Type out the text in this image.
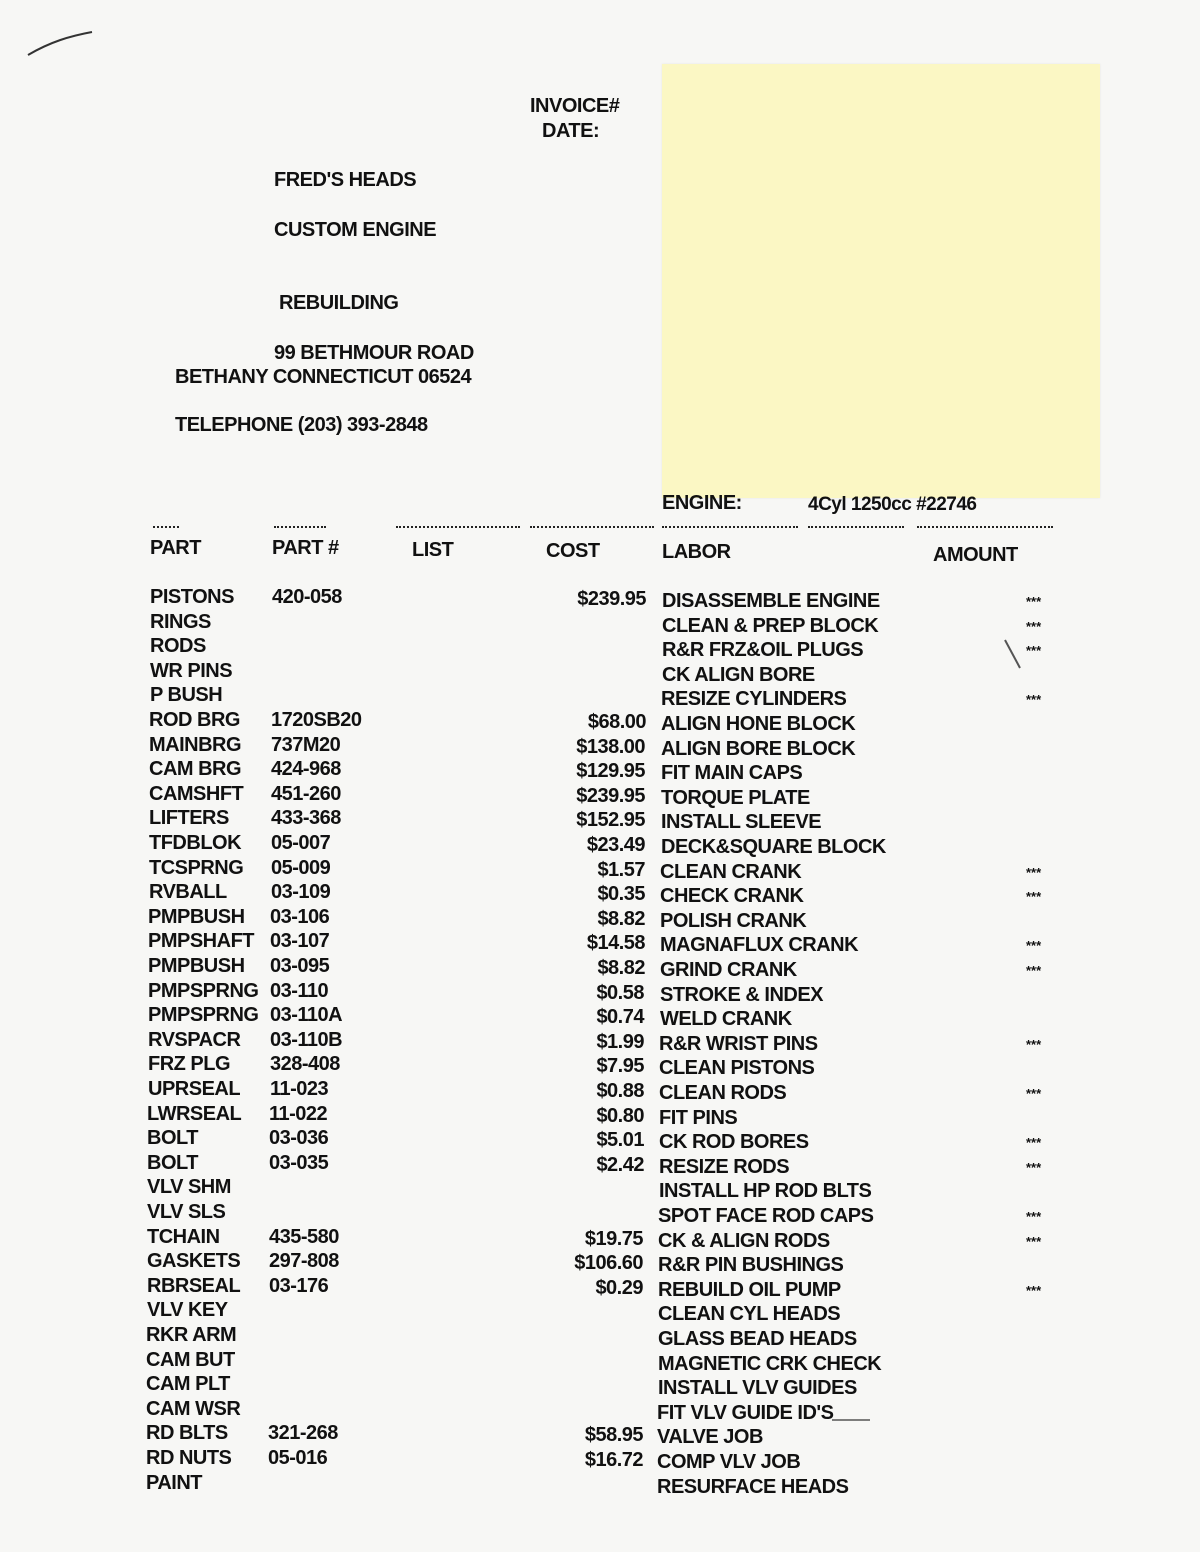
INVOICE#
DATE:
FRED'S HEADS
CUSTOM ENGINE
REBUILDING
99 BETHMOUR ROAD
BETHANY CONNECTICUT 06524
TELEPHONE (203) 393-2848
ENGINE:	4Cyl 1250cc #22746
PART	PART #	LIST	COST	LABOR	AMOUNT
PISTONS	420-058	$239.95
RINGS
RODS
WR PINS
P BUSH
ROD BRG	1720SB20	$68.00
MAINBRG	737M20	$138.00
CAM BRG	424-968	$129.95
CAMSHFT	451-260	$239.95
LIFTERS	433-368	$152.95
TFDBLOK	05-007	$23.49
TCSPRNG	05-009	$1.57
RVBALL	03-109	$0.35
PMPBUSH	03-106	$8.82
PMPSHAFT 03-107	$14.58
PMPBUSH	03-095	$8.82
PMPSPRNG 03-110	$0.58
PMPSPRNG 03-110A	$0.74
RVSPACR	03-110B	$1.99
FRZ PLG	328-408	$7.95
UPRSEAL	11-023	$0.88
LWRSEAL	11-022	$0.80
BOLT	03-036	$5.01
BOLT	03-035	$2.42
VLV SHM
VLV SLS
TCHAIN	435-580	$19.75
GASKETS	297-808	$106.60
RBRSEAL	03-176	$0.29
VLV KEY
RKR ARM
CAM BUT
CAM PLT
CAM WSR
RD BLTS	321-268	$58.95
RD NUTS	05-016	$16.72
PAINT
DISASSEMBLE ENGINE	***
CLEAN & PREP BLOCK	***
R&R FRZ&OIL PLUGS	***
CK ALIGN BORE
RESIZE CYLINDERS	***
ALIGN HONE BLOCK
ALIGN BORE BLOCK
FIT MAIN CAPS
TORQUE PLATE
INSTALL SLEEVE
DECK&SQUARE BLOCK
CLEAN CRANK	***
CHECK CRANK	***
POLISH CRANK
MAGNAFLUX CRANK	***
GRIND CRANK	***
STROKE & INDEX
WELD CRANK
R&R WRIST PINS	***
CLEAN PISTONS
CLEAN RODS	***
FIT PINS
CK ROD BORES	***
RESIZE RODS	***
INSTALL HP ROD BLTS
SPOT FACE ROD CAPS	***
CK & ALIGN RODS	***
R&R PIN BUSHINGS
REBUILD OIL PUMP	***
CLEAN CYL HEADS
GLASS BEAD HEADS
MAGNETIC CRK CHECK
INSTALL VLV GUIDES
FIT VLV GUIDE ID'S
VALVE JOB
COMP VLV JOB
RESURFACE HEADS
